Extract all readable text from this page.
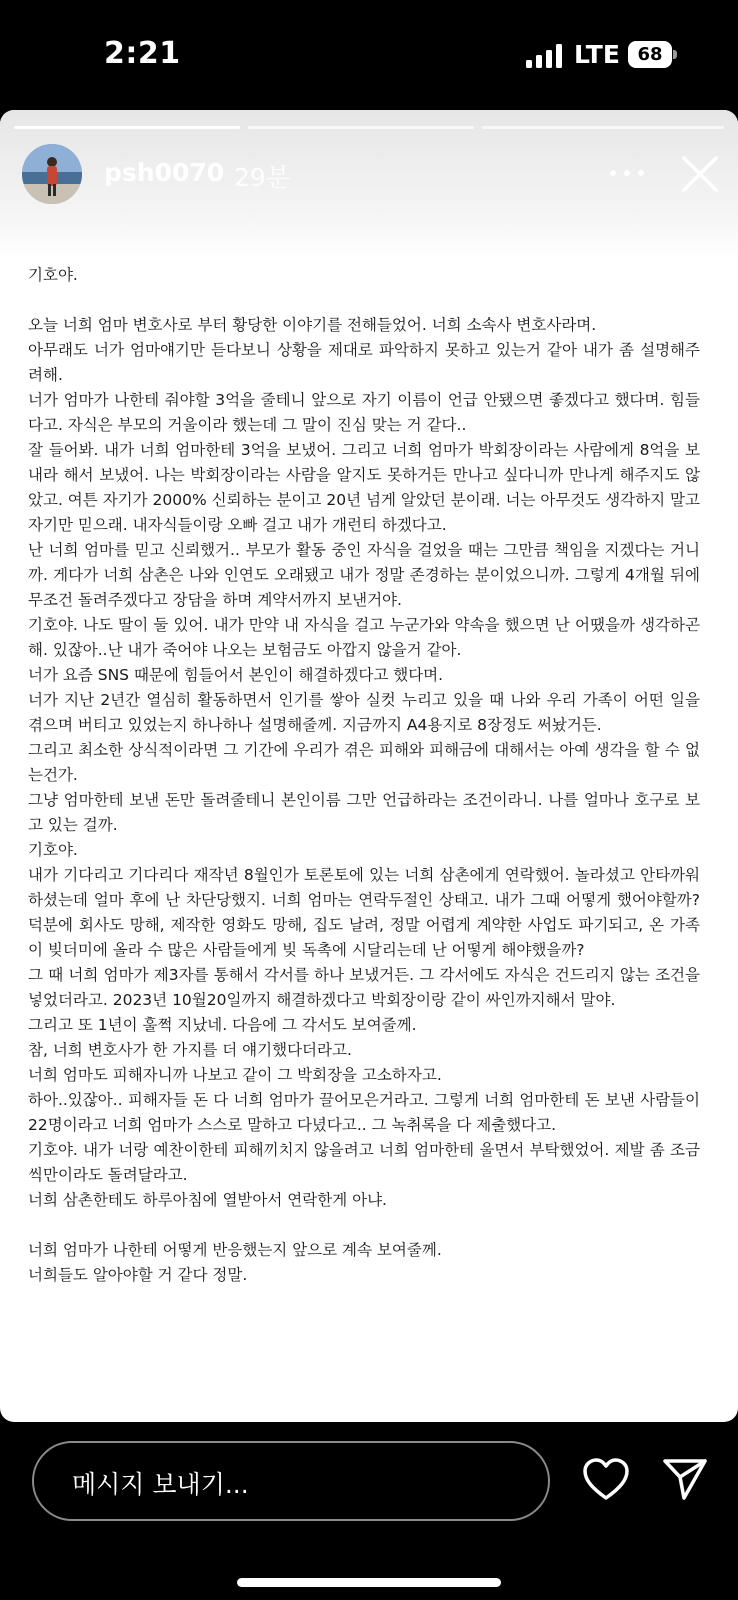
2:21	LTE 68
psh0070 29분

기호야.

오늘 너희 엄마 변호사로 부터 황당한 이야기를 전해들었어. 너희 소속사 변호사라며.

아무래도 너가 엄마얘기만 듣다보니 상황을 제대로 파악하지 못하고 있는거 같아 내가 좀 설명해주려해.

너가 엄마가 나한테 줘야할 3억을 줄테니 앞으로 자기 이름이 언급 안됐으면 좋겠다고 했다며. 힘들다고. 자식은 부모의 거울이라 했는데 그 말이 진심 맞는 거 같다..

잘 들어봐. 내가 너희 엄마한테 3억을 보냈어. 그리고 너희 엄마가 박회장이라는 사람에게 8억을 보내라 해서 보냈어. 나는 박회장이라는 사람을 알지도 못하거든 만나고 싶다니까 만나게 해주지도 않았고. 여튼 자기가 2000% 신뢰하는 분이고 20년 넘게 알았던 분이래. 너는 아무것도 생각하지 말고 자기만 믿으래. 내자식들이랑 오빠 걸고 내가 개런티 하겠다고.

난 너희 엄마를 믿고 신뢰했거.. 부모가 활동 중인 자식을 걸었을 때는 그만큼 책임을 지겠다는 거니까. 게다가 너희 삼촌은 나와 인연도 오래됐고 내가 정말 존경하는 분이었으니까. 그렇게 4개월 뒤에 무조건 돌려주겠다고 장담을 하며 계약서까지 보낸거야.

기호야. 나도 딸이 둘 있어. 내가 만약 내 자식을 걸고 누군가와 약속을 했으면 난 어땠을까 생각하곤 해. 있잖아..난 내가 죽어야 나오는 보험금도 아깝지 않을거 같아.

너가 요즘 SNS 때문에 힘들어서 본인이 해결하겠다고 했다며.

너가 지난 2년간 열심히 활동하면서 인기를 쌓아 실컷 누리고 있을 때 나와 우리 가족이 어떤 일을 겪으며 버티고 있었는지 하나하나 설명해줄께. 지금까지 A4용지로 8장정도 써놨거든.

그리고 최소한 상식적이라면 그 기간에 우리가 겪은 피해와 피해금에 대해서는 아예 생각을 할 수 없는건가.

그냥 엄마한테 보낸 돈만 돌려줄테니 본인이름 그만 언급하라는 조건이라니. 나를 얼마나 호구로 보고 있는 걸까.

기호야.

내가 기다리고 기다리다 재작년 8월인가 토론토에 있는 너희 삼촌에게 연락했어. 놀라셨고 안타까워하셨는데 얼마 후에 난 차단당했지. 너희 엄마는 연락두절인 상태고. 내가 그때 어떻게 했어야할까? 덕분에 회사도 망해, 제작한 영화도 망해, 집도 날려, 정말 어렵게 계약한 사업도 파기되고, 온 가족이 빚더미에 올라 수 많은 사람들에게 빚 독촉에 시달리는데 난 어떻게 해야했을까?

그 때 너희 엄마가 제3자를 통해서 각서를 하나 보냈거든. 그 각서에도 자식은 건드리지 않는 조건을 넣었더라고. 2023년 10월20일까지 해결하겠다고 박회장이랑 같이 싸인까지해서 말야.

그리고 또 1년이 훌쩍 지났네. 다음에 그 각서도 보여줄께.

참, 너희 변호사가 한 가지를 더 얘기했다더라고.

너희 엄마도 피해자니까 나보고 같이 그 박회장을 고소하자고.

하아..있잖아.. 피해자들 돈 다 너희 엄마가 끌어모은거라고. 그렇게 너희 엄마한테 돈 보낸 사람들이 22명이라고 너희 엄마가 스스로 말하고 다녔다고.. 그 녹취록을 다 제출했다고.

기호야. 내가 너랑 예찬이한테 피해끼치지 않을려고 너희 엄마한테 울면서 부탁했었어. 제발 좀 조금씩만이라도 돌려달라고.

너희 삼촌한테도 하루아침에 열받아서 연락한게 아냐.

너희 엄마가 나한테 어떻게 반응했는지 앞으로 계속 보여줄께.

너희들도 알아야할 거 같다 정말.

메시지 보내기...
